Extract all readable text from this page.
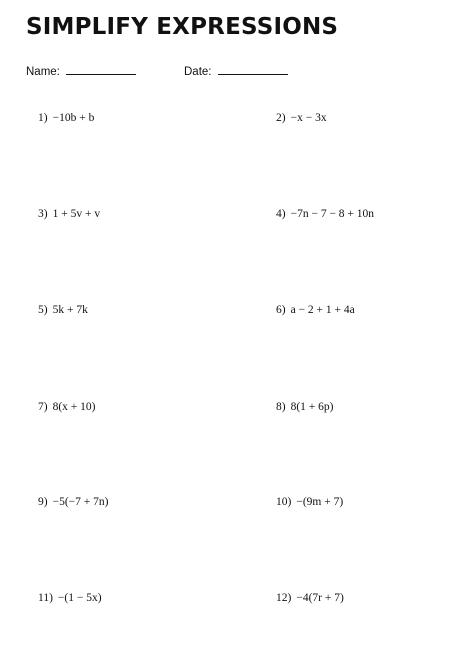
SIMPLIFY EXPRESSIONS
Name:	Date:
1) −10b + b	2) −x − 3x
3) 1 + 5v + v	4) −7n − 7 − 8 + 10n
5) 5k + 7k	6) a − 2 + 1 + 4a
7) 8(x + 10)	8) 8(1 + 6p)
9) −5(−7 + 7n)	10) −(9m + 7)
11) −(1 − 5x)	12) −4(7r + 7)
